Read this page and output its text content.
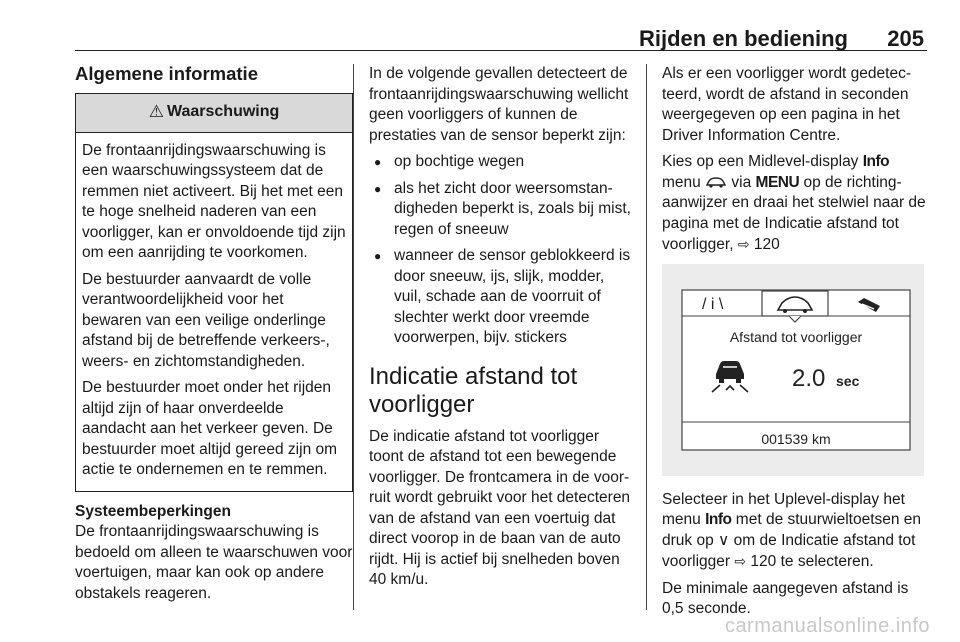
Rijden en bediening 205
Algemene informatie
⚠ Waarschuwing

De frontaanrijdingswaarschuwing is een waarschuwingssysteem dat de remmen niet activeert. Bij het met een te hoge snelheid naderen van een voorligger, kan er onvoldoende tijd zijn om een aanrijding te voorkomen.

De bestuurder aanvaardt de volle verantwoordelijkheid voor het bewaren van een veilige onderlinge afstand bij de betreffende verkeers-, weers- en zichtomstandigheden.

De bestuurder moet onder het rijden altijd zijn of haar onverdeelde aandacht aan het verkeer geven. De bestuurder moet altijd gereed zijn om actie te ondernemen en te remmen.

Systeembeperkingen

De frontaanrijdingswaarschuwing is bedoeld om alleen te waarschuwen voor voertuigen, maar kan ook op andere obstakels reageren.

In de volgende gevallen detecteert de frontaanrijdingswaarschuwing wellicht geen voorliggers of kunnen de prestaties van de sensor beperkt zijn:

● op bochtige wegen
● als het zicht door weersomstandigheden beperkt is, zoals bij mist, regen of sneeuw
● wanneer de sensor geblokkeerd is door sneeuw, ijs, slijk, modder, vuil, schade aan de voorruit of slechter werkt door vreemde voorwerpen, bijv. stickers
Indicatie afstand tot voorligger

De indicatie afstand tot voorligger toont de afstand tot een bewegende voorligger. De frontcamera in de voorruit wordt gebruikt voor het detecteren van de afstand van een voertuig dat direct voorop in de baan van de auto rijdt. Hij is actief bij snelheden boven 40 km/u.

Als er een voorligger wordt gedetecteerd, wordt de afstand in seconden weergegeven op een pagina in het Driver Information Centre.

Kies op een Midlevel-display Info menu  via MENU op de richtingaanwijzer en draai het stelwiel naar de pagina met de Indicatie afstand tot voorligger, ⇨ 120

/ i \
Afstand tot voorligger
2.0 sec
001539 km

Selecteer in het Uplevel-display het menu Info met de stuurwieltoetsen en druk op ∨ om de Indicatie afstand tot voorligger ⇨ 120 te selecteren.

De minimale aangegeven afstand is 0,5 seconde.

carmanualsonline.info
